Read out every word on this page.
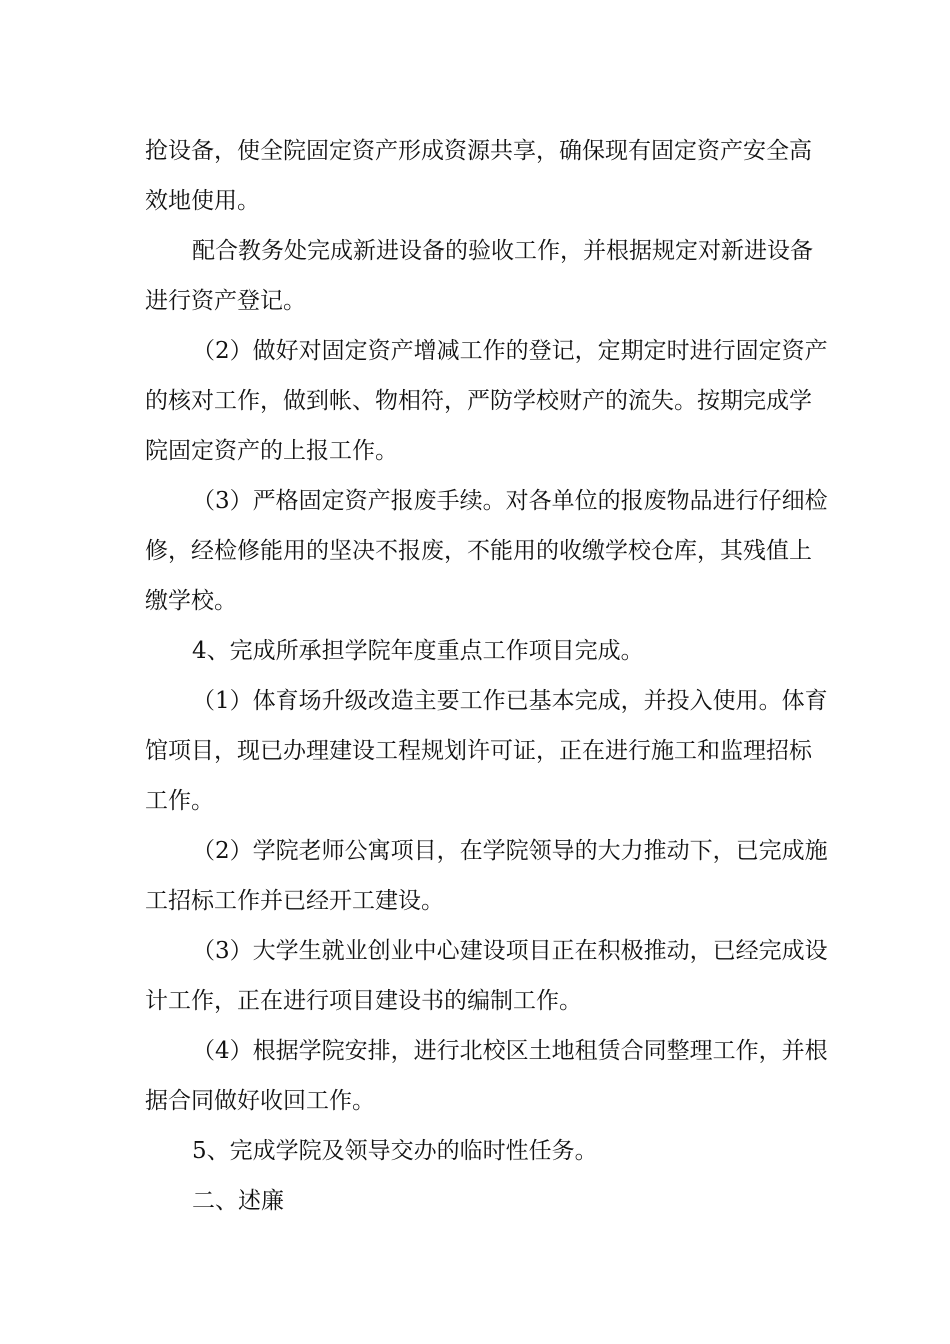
抢设备，使全院固定资产形成资源共享，确保现有固定资产安全高
效地使用。
配合教务处完成新进设备的验收工作，并根据规定对新进设备
进行资产登记。
（2）做好对固定资产增减工作的登记，定期定时进行固定资产
的核对工作，做到帐、物相符，严防学校财产的流失。按期完成学
院固定资产的上报工作。
（3）严格固定资产报废手续。对各单位的报废物品进行仔细检
修，经检修能用的坚决不报废，不能用的收缴学校仓库，其残值上
缴学校。
4、完成所承担学院年度重点工作项目完成。
（1）体育场升级改造主要工作已基本完成，并投入使用。体育
馆项目，现已办理建设工程规划许可证，正在进行施工和监理招标
工作。
（2）学院老师公寓项目，在学院领导的大力推动下，已完成施
工招标工作并已经开工建设。
（3）大学生就业创业中心建设项目正在积极推动，已经完成设
计工作，正在进行项目建设书的编制工作。
（4）根据学院安排，进行北校区土地租赁合同整理工作，并根
据合同做好收回工作。
5、完成学院及领导交办的临时性任务。
二、述廉
